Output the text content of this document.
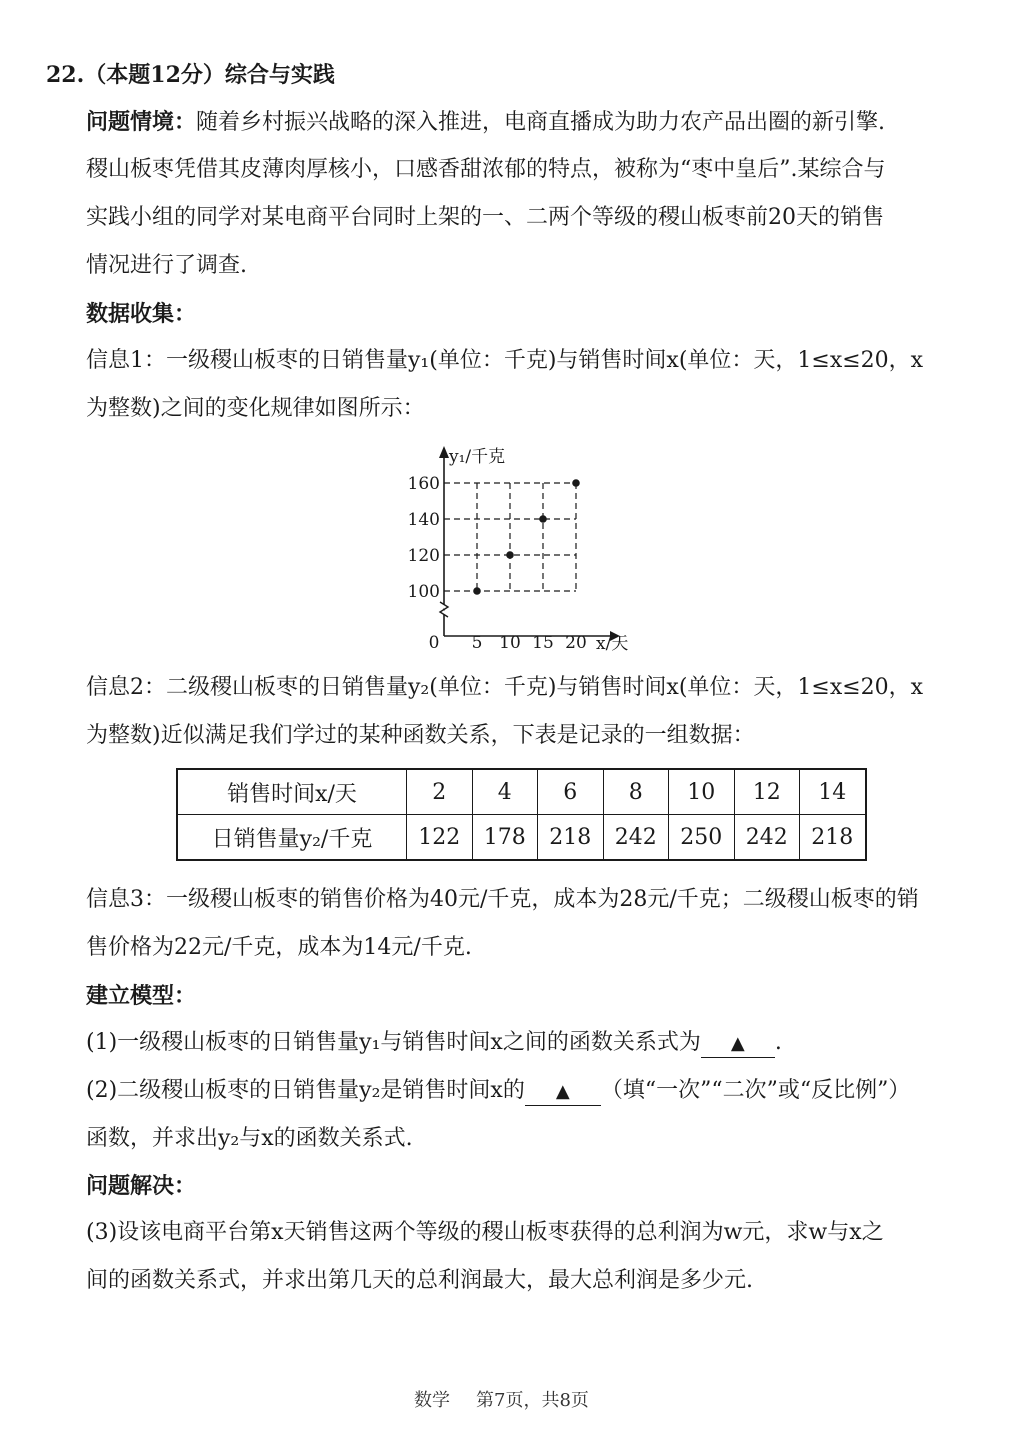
22.（本题12分）综合与实践
问题情境：随着乡村振兴战略的深入推进，电商直播成为助力农产品出圈的新引擎.
稷山板枣凭借其皮薄肉厚核小，口感香甜浓郁的特点，被称为“枣中皇后”.某综合与
实践小组的同学对某电商平台同时上架的一、二两个等级的稷山板枣前20天的销售
情况进行了调查.
数据收集：
信息1：一级稷山板枣的日销售量y₁(单位：千克)与销售时间x(单位：天，1≤x≤20，x
为整数)之间的变化规律如图所示：
0 5 10 15 20
100
120
140
160
y₁/千克
x/天
信息2：二级稷山板枣的日销售量y₂(单位：千克)与销售时间x(单位：天，1≤x≤20，x
为整数)近似满足我们学过的某种函数关系，下表是记录的一组数据：
销售时间x/天	2	4	6	8	10	12	14
日销售量y₂/千克	122	178	218	242	250	242	218
信息3：一级稷山板枣的销售价格为40元/千克，成本为28元/千克；二级稷山板枣的销
售价格为22元/千克，成本为14元/千克.
建立模型：
(1)一级稷山板枣的日销售量y₁与销售时间x之间的函数关系式为 ▲ .
(2)二级稷山板枣的日销售量y₂是销售时间x的 ▲ （填“一次”“二次”或“反比例”）
函数，并求出y₂与x的函数关系式.
问题解决：
(3)设该电商平台第x天销售这两个等级的稷山板枣获得的总利润为w元，求w与x之
间的函数关系式，并求出第几天的总利润最大，最大总利润是多少元.
数学 第7页，共8页
